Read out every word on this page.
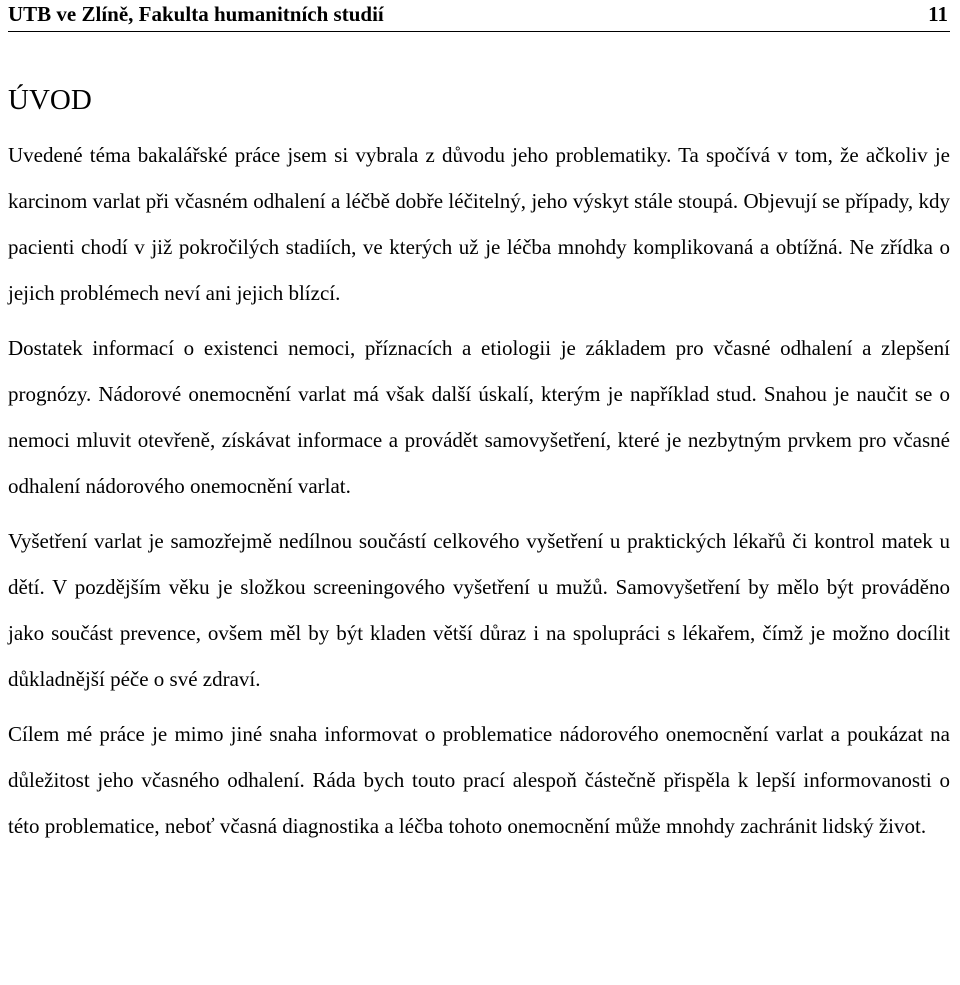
UTB ve Zlíně, Fakulta humanitních studií	11
ÚVOD

Uvedené téma bakalářské práce jsem si vybrala z důvodu jeho problematiky. Ta spočívá v tom, že ačkoliv je karcinom varlat při včasném odhalení a léčbě dobře léčitelný, jeho výskyt stále stoupá. Objevují se případy, kdy pacienti chodí v již pokročilých stadiích, ve kterých už je léčba mnohdy komplikovaná a obtížná. Ne zřídka o jejich problémech neví ani jejich blízcí.

Dostatek informací o existenci nemoci, příznacích a etiologii je základem pro včasné odhalení a zlepšení prognózy. Nádorové onemocnění varlat má však další úskalí, kterým je například stud. Snahou je naučit se o nemoci mluvit otevřeně, získávat informace a provádět samovyšetření, které je nezbytným prvkem pro včasné odhalení nádorového onemocnění varlat.

Vyšetření varlat je samozřejmě nedílnou součástí celkového vyšetření u praktických lékařů či kontrol matek u dětí. V pozdějším věku je složkou screeningového vyšetření u mužů. Samovyšetření by mělo být prováděno jako součást prevence, ovšem měl by být kladen větší důraz i na spolupráci s lékařem, čímž je možno docílit důkladnější péče o své zdraví.

Cílem mé práce je mimo jiné snaha informovat o problematice nádorového onemocnění varlat a poukázat na důležitost jeho včasného odhalení. Ráda bych touto prací alespoň částečně přispěla k lepší informovanosti o této problematice, neboť včasná diagnostika a léčba tohoto onemocnění může mnohdy zachránit lidský život.
